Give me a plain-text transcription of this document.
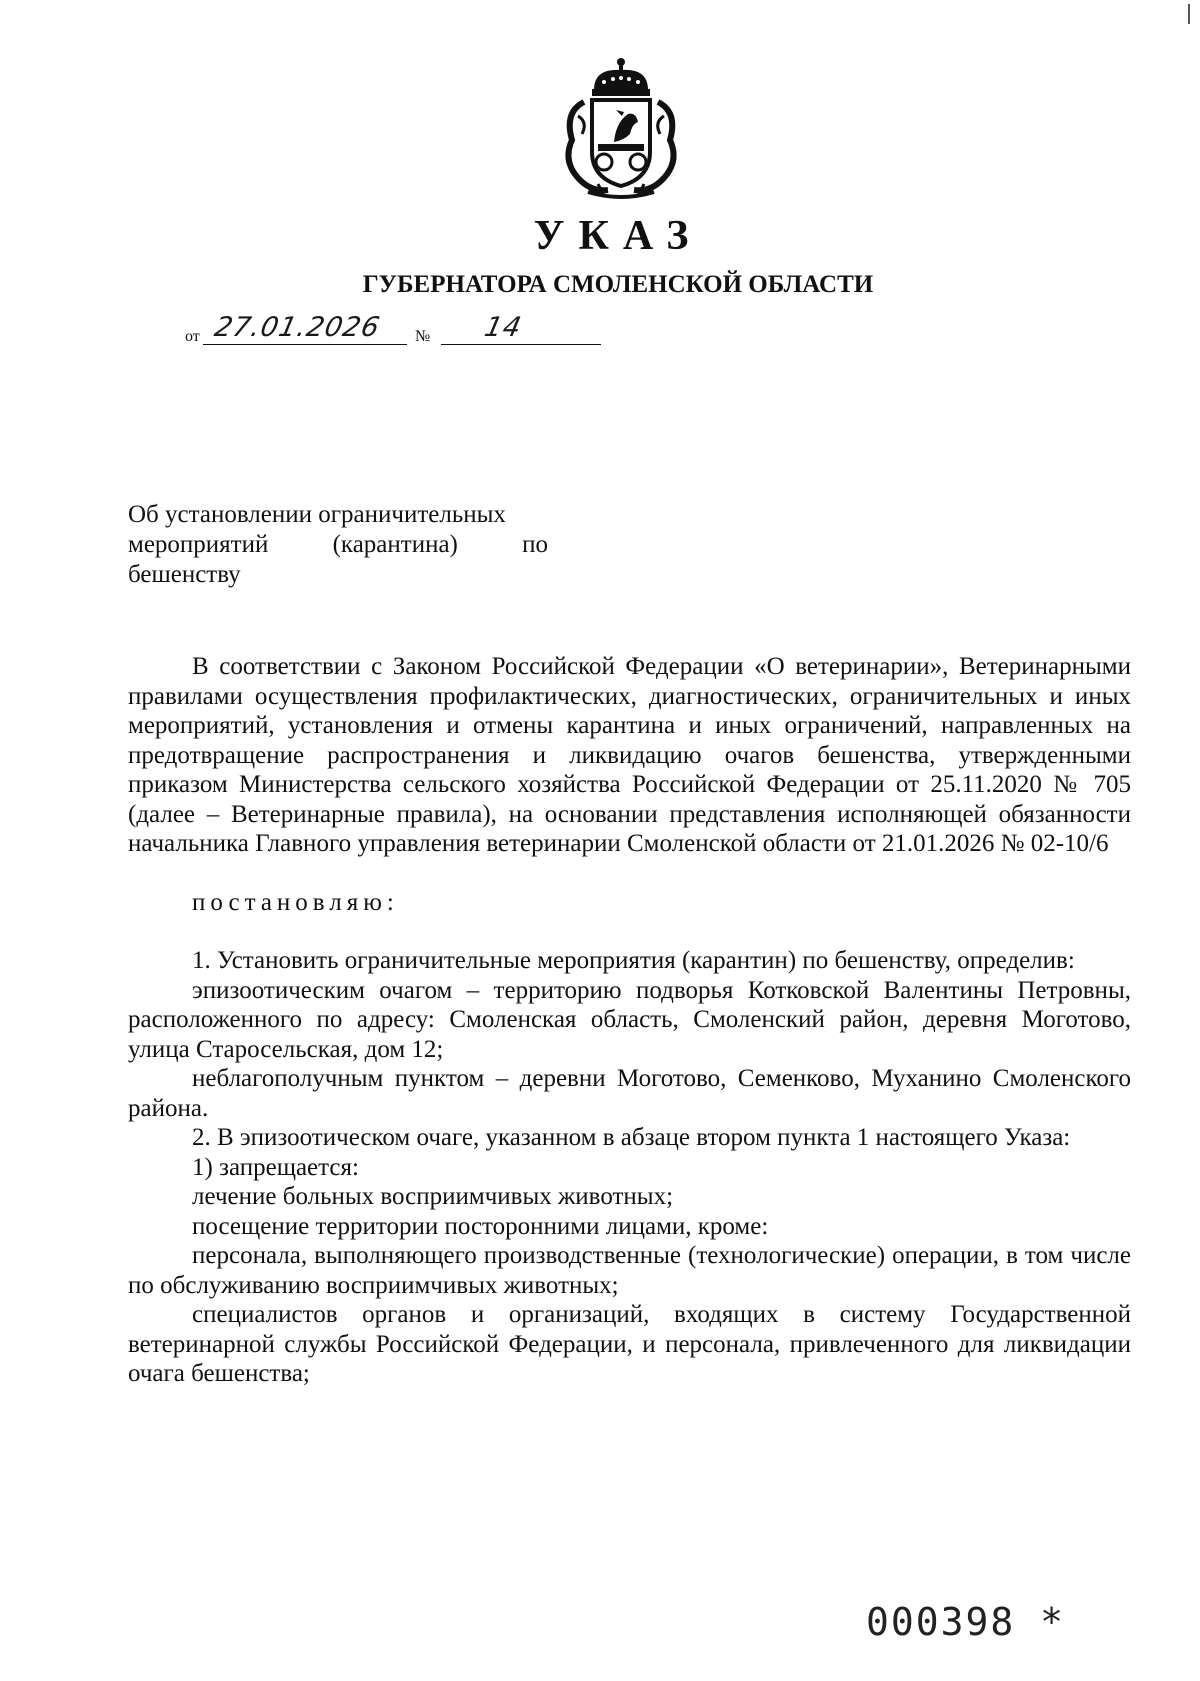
УКАЗ
ГУБЕРНАТОРА СМОЛЕНСКОЙ ОБЛАСТИ
от 27.01.2026 № 14
Об установлении ограничительных
мероприятий (карантина) по
бешенству

В соответствии с Законом Российской Федерации «О ветеринарии», Ветеринарными правилами осуществления профилактических, диагностических, ограничительных и иных мероприятий, установления и отмены карантина и иных ограничений, направленных на предотвращение распространения и ликвидацию очагов бешенства, утвержденными приказом Министерства сельского хозяйства Российской Федерации от 25.11.2020 № 705 (далее – Ветеринарные правила), на основании представления исполняющей обязанности начальника Главного управления ветеринарии Смоленской области от 21.01.2026 № 02-10/6

постановляю:

1. Установить ограничительные мероприятия (карантин) по бешенству, определив:

эпизоотическим очагом – территорию подворья Котковской Валентины Петровны, расположенного по адресу: Смоленская область, Смоленский район, деревня Моготово, улица Старосельская, дом 12;

неблагополучным пунктом – деревни Моготово, Семенково, Муханино Смоленского района.

2. В эпизоотическом очаге, указанном в абзаце втором пункта 1 настоящего Указа:

1) запрещается:

лечение больных восприимчивых животных;

посещение территории посторонними лицами, кроме:

персонала, выполняющего производственные (технологические) операции, в том числе по обслуживанию восприимчивых животных;

специалистов органов и организаций, входящих в систему Государственной ветеринарной службы Российской Федерации, и персонала, привлеченного для ликвидации очага бешенства;

000398 *
